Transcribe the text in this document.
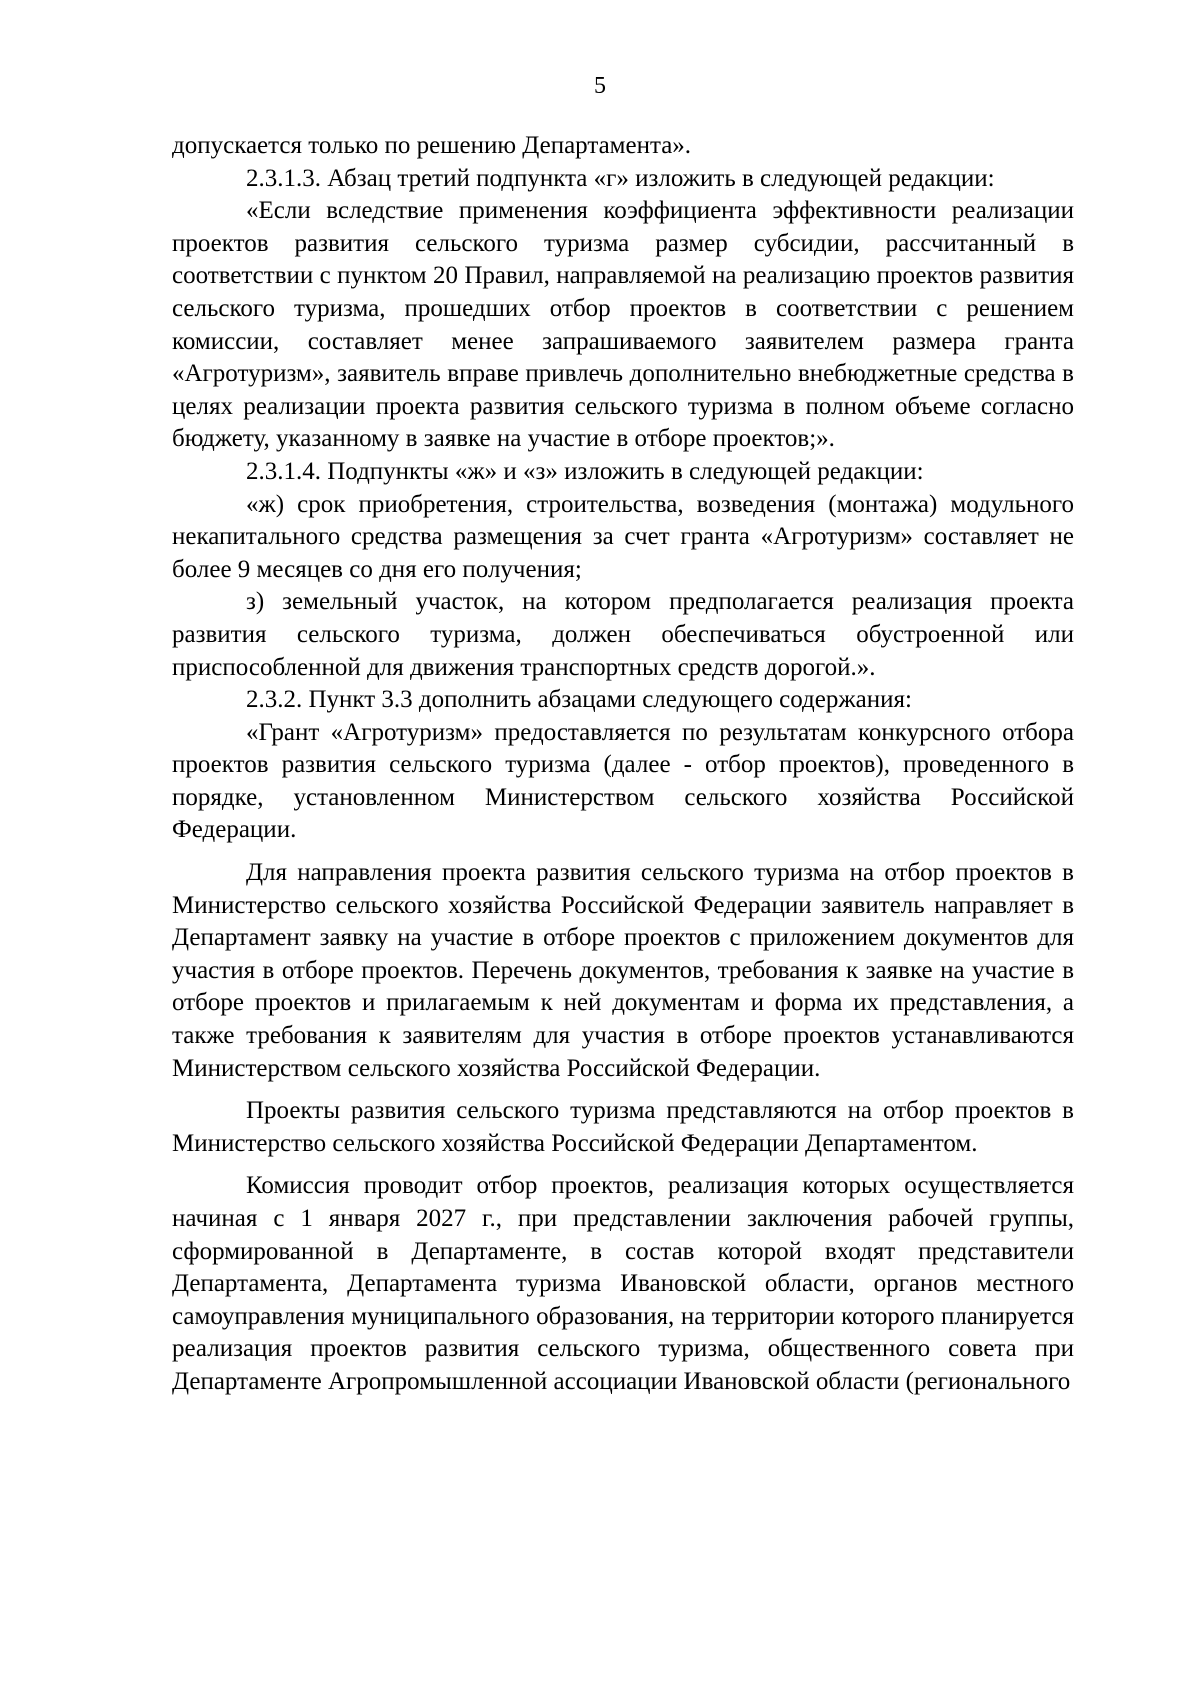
5

допускается только по решению Департамента».

2.3.1.3. Абзац третий подпункта «г» изложить в следующей редакции:

«Если вследствие применения коэффициента эффективности реализации проектов развития сельского туризма размер субсидии, рассчитанный в соответствии с пунктом 20 Правил, направляемой на реализацию проектов развития сельского туризма, прошедших отбор проектов в соответствии с решением комиссии, составляет менее запрашиваемого заявителем размера гранта «Агротуризм», заявитель вправе привлечь дополнительно внебюджетные средства в целях реализации проекта развития сельского туризма в полном объеме согласно бюджету, указанному в заявке на участие в отборе проектов;».

2.3.1.4. Подпункты «ж» и «з» изложить в следующей редакции:

«ж) срок приобретения, строительства, возведения (монтажа) модульного некапитального средства размещения за счет гранта «Агротуризм» составляет не более 9 месяцев со дня его получения;

з) земельный участок, на котором предполагается реализация проекта развития сельского туризма, должен обеспечиваться обустроенной или приспособленной для движения транспортных средств дорогой.».

2.3.2. Пункт 3.3 дополнить абзацами следующего содержания:

«Грант «Агротуризм» предоставляется по результатам конкурсного отбора проектов развития сельского туризма (далее - отбор проектов), проведенного в порядке, установленном Министерством сельского хозяйства Российской Федерации.

Для направления проекта развития сельского туризма на отбор проектов в Министерство сельского хозяйства Российской Федерации заявитель направляет в Департамент заявку на участие в отборе проектов с приложением документов для участия в отборе проектов. Перечень документов, требования к заявке на участие в отборе проектов и прилагаемым к ней документам и форма их представления, а также требования к заявителям для участия в отборе проектов устанавливаются Министерством сельского хозяйства Российской Федерации.

Проекты развития сельского туризма представляются на отбор проектов в Министерство сельского хозяйства Российской Федерации Департаментом.

Комиссия проводит отбор проектов, реализация которых осуществляется начиная с 1 января 2027 г., при представлении заключения рабочей группы, сформированной в Департаменте, в состав которой входят представители Департамента, Департамента туризма Ивановской области, органов местного самоуправления муниципального образования, на территории которого планируется реализация проектов развития сельского туризма, общественного совета при Департаменте Агропромышленной ассоциации Ивановской области (регионального
